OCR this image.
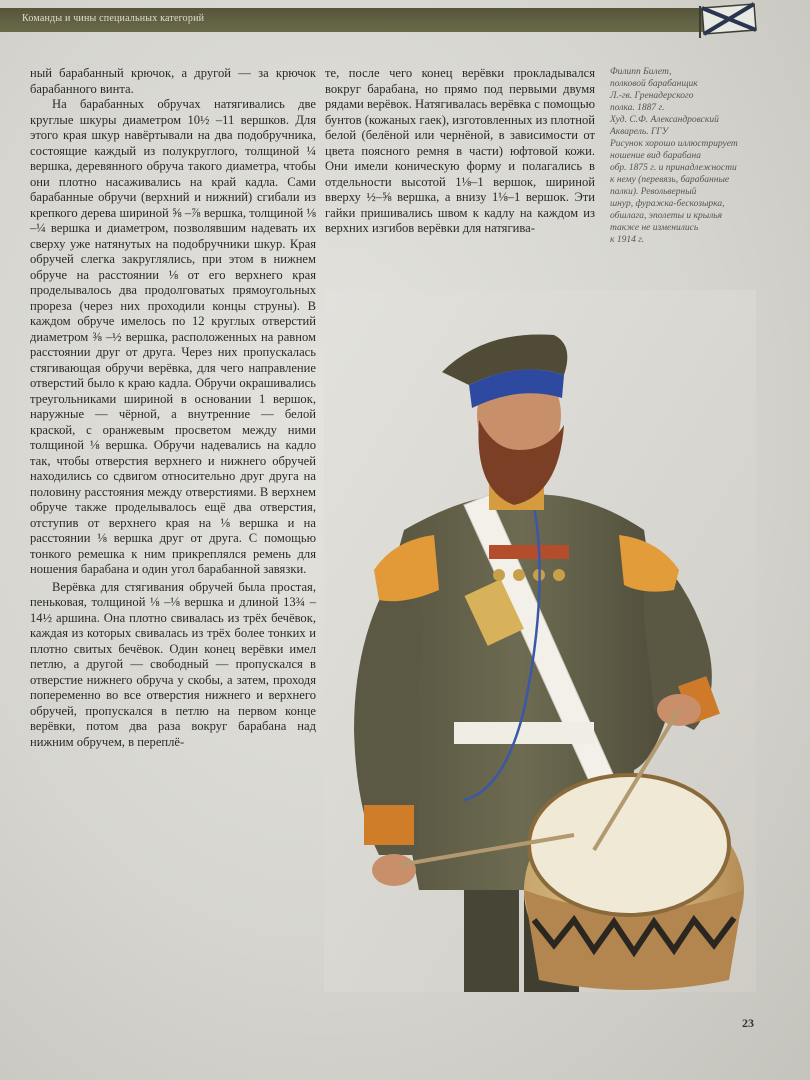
Команды и чины специальных категорий

ный барабанный крючок, а другой — за крючок барабанного винта.

На барабанных обручах натягивались две круглые шкуры диаметром 10½ –11 вершков. Для этого края шкур навёртывали на два подобручника, состоящие каждый из полукруглого, толщиной ¼ вершка, деревянного обруча такого диаметра, чтобы они плотно насаживались на край кадла. Сами барабанные обручи (верхний и нижний) сгибали из крепкого дерева шириной ⅝ –⅞ вершка, толщиной ⅛ –¼ вершка и диаметром, позволявшим надевать их сверху уже натянутых на подобручники шкур. Края обручей слегка закруглялись, при этом в нижнем обруче на расстоянии ⅛ от его верхнего края проделывалось два продолговатых прямоугольных прореза (через них проходили концы струны). В каждом обруче имелось по 12 круглых отверстий диаметром ⅜ –½ вершка, расположенных на равном расстоянии друг от друга. Через них пропускалась стягивающая обручи верёвка, для чего направление отверстий было к краю кадла. Обручи окрашивались треугольниками шириной в основании 1 вершок, наружные — чёрной, а внутренние — белой краской, с оранжевым просветом между ними толщиной ⅛ вершка. Обручи надевались на кадло так, чтобы отверстия верхнего и нижнего обручей находились со сдвигом относительно друг друга на половину расстояния между отверстиями. В верхнем обруче также проделывалось ещё два отверстия, отступив от верхнего края на ⅛ вершка и на расстоянии ⅛ вершка друг от друга. С помощью тонкого ремешка к ним прикреплялся ремень для ношения барабана и один угол барабанной завязки.

Верёвка для стягивания обручей была простая, пеньковая, толщиной ⅛ –⅛ вершка и длиной 13¾ –14½ аршина. Она плотно свивалась из трёх бечёвок, каждая из которых свивалась из трёх более тонких и плотно свитых бечёвок. Один конец верёвки имел петлю, а другой — свободный — пропускался в отверстие нижнего обруча у скобы, а затем, проходя попеременно во все отверстия нижнего и верхнего обручей, пропускался в петлю на первом конце верёвки, потом два раза вокруг барабана над нижним обручем, в переплё-

те, после чего конец верёвки прокладывался вокруг барабана, но прямо под первыми двумя рядами верёвок. Натягивалась верёвка с помощью бунтов (кожаных гаек), изготовленных из плотной белой (белёной или чернёной, в зависимости от цвета поясного ремня в части) юфтовой кожи. Они имели коническую форму и полагались в отдельности высотой 1⅛–1 вершок, шириной вверху ½–⅝ вершка, а внизу 1⅛–1 вершок. Эти гайки пришивались швом к кадлу на каждом из верхних изгибов верёвки для натягива-

Филипп Билет,

полковой барабанщик

Л.-гв. Гренадерского

полка. 1887 г.

Худ. С.Ф. Александровский

Акварель. ГГУ

Рисунок хорошо иллюстрирует

ношение вид барабана

обр. 1875 г. и принадлежности

к нему (перевязь, барабанные палки). Револьверный

шнур, фуражка-бескозырка,

обшлага, эполеты и крылья

также не изменились

к 1914 г.

23
